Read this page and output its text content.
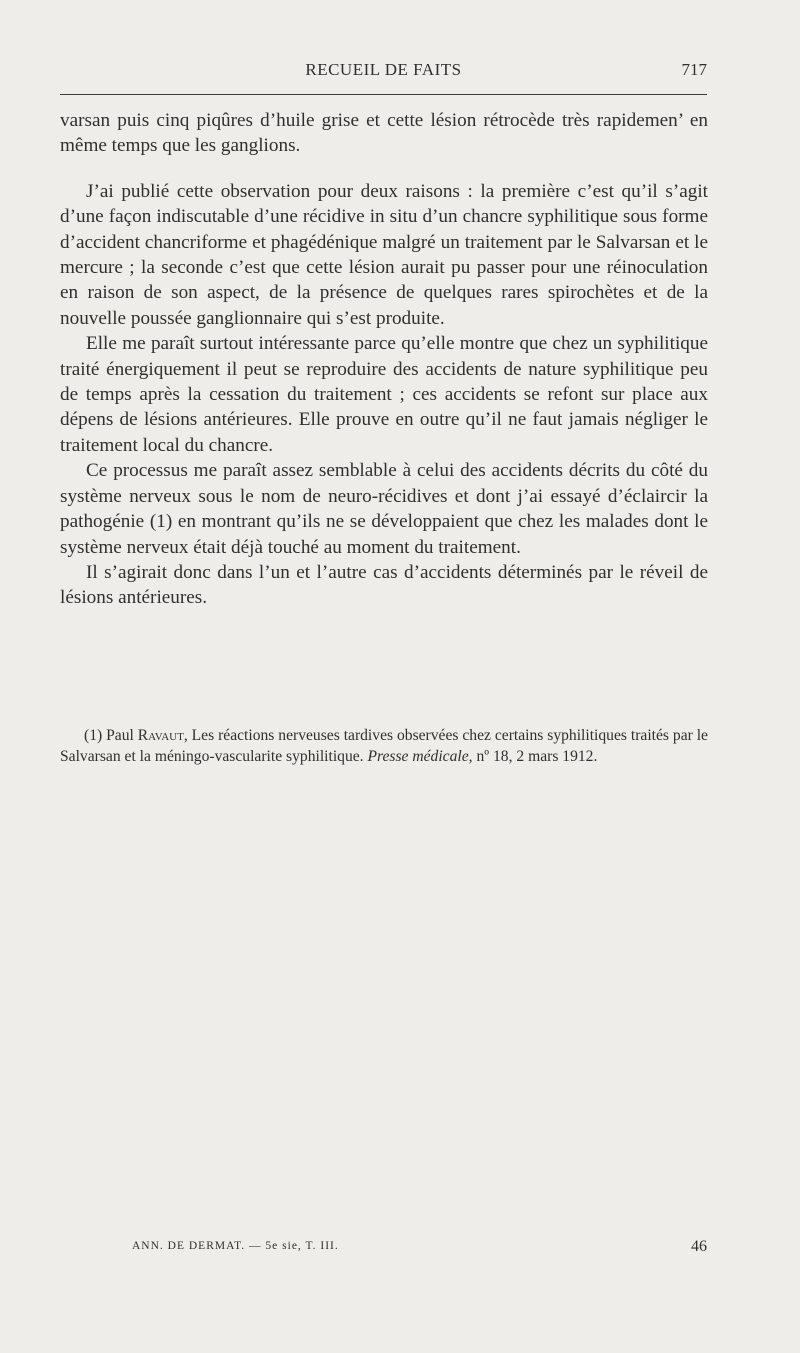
RECUEIL DE FAITS	717

varsan puis cinq piqûres d’huile grise et cette lésion rétrocède très rapidemen’ en même temps que les ganglions.

J’ai publié cette observation pour deux raisons : la première c’est qu’il s’agit d’une façon indiscutable d’une récidive in situ d’un chancre syphilitique sous forme d’accident chancriforme et phagédénique malgré un traitement par le Salvarsan et le mercure ; la seconde c’est que cette lésion aurait pu passer pour une réinoculation en raison de son aspect, de la présence de quelques rares spirochètes et de la nouvelle poussée ganglionnaire qui s’est produite.

Elle me paraît surtout intéressante parce qu’elle montre que chez un syphilitique traité énergiquement il peut se reproduire des accidents de nature syphilitique peu de temps après la cessation du traitement ; ces accidents se refont sur place aux dépens de lésions antérieures. Elle prouve en outre qu’il ne faut jamais négliger le traitement local du chancre.

Ce processus me paraît assez semblable à celui des accidents décrits du côté du système nerveux sous le nom de neuro-récidives et dont j’ai essayé d’éclaircir la pathogénie (1) en montrant qu’ils ne se développaient que chez les malades dont le système nerveux était déjà touché au moment du traitement.

Il s’agirait donc dans l’un et l’autre cas d’accidents déterminés par le réveil de lésions antérieures.

(1) Paul Ravaut, Les réactions nerveuses tardives observées chez certains syphilitiques traités par le Salvarsan et la méningo-vascularite syphilitique. Presse médicale, nº 18, 2 mars 1912.
ANN. DE DERMAT. — 5e sie, T. III.	46
